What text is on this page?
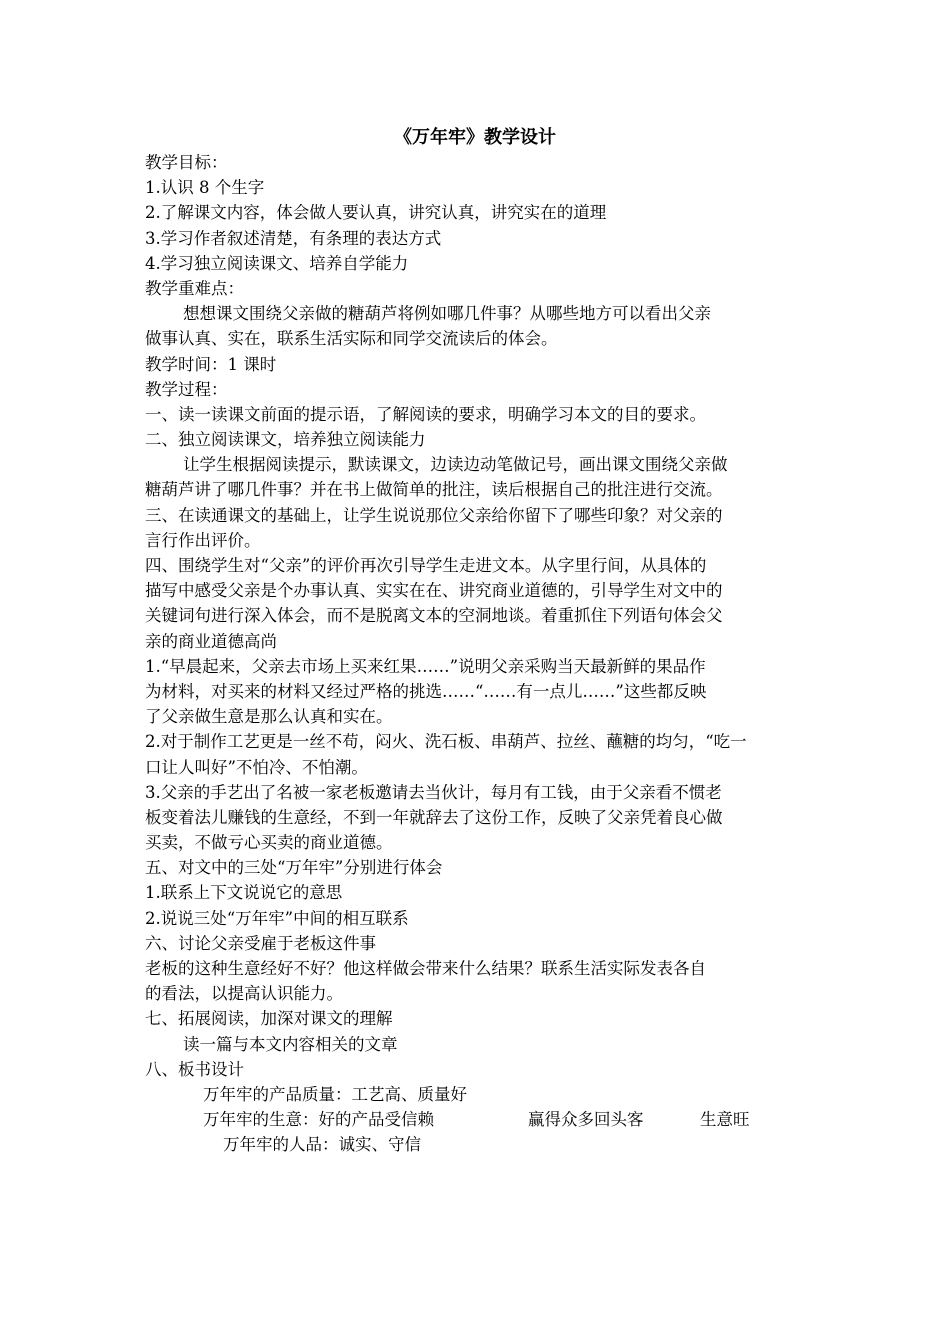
《万年牢》教学设计
教学目标：
1.认识 8 个生字
2.了解课文内容，体会做人要认真，讲究认真，讲究实在的道理
3.学习作者叙述清楚，有条理的表达方式
4.学习独立阅读课文、培养自学能力
教学重难点：
想想课文围绕父亲做的糖葫芦将例如哪几件事？从哪些地方可以看出父亲
做事认真、实在，联系生活实际和同学交流读后的体会。
教学时间：1 课时
教学过程：
一、读一读课文前面的提示语，了解阅读的要求，明确学习本文的目的要求。
二、独立阅读课文，培养独立阅读能力
让学生根据阅读提示，默读课文，边读边动笔做记号，画出课文围绕父亲做
糖葫芦讲了哪几件事？并在书上做简单的批注，读后根据自己的批注进行交流。
三、在读通课文的基础上，让学生说说那位父亲给你留下了哪些印象？对父亲的
言行作出评价。
四、围绕学生对“父亲”的评价再次引导学生走进文本。从字里行间，从具体的
描写中感受父亲是个办事认真、实实在在、讲究商业道德的，引导学生对文中的
关键词句进行深入体会，而不是脱离文本的空洞地谈。着重抓住下列语句体会父
亲的商业道德高尚
1.“早晨起来，父亲去市场上买来红果……”说明父亲采购当天最新鲜的果品作
为材料，对买来的材料又经过严格的挑选……“……有一点儿……”这些都反映
了父亲做生意是那么认真和实在。
2.对于制作工艺更是一丝不苟，闷火、洗石板、串葫芦、拉丝、蘸糖的均匀，“吃一
口让人叫好”不怕冷、不怕潮。
3.父亲的手艺出了名被一家老板邀请去当伙计，每月有工钱，由于父亲看不惯老
板变着法儿赚钱的生意经，不到一年就辞去了这份工作，反映了父亲凭着良心做
买卖，不做亏心买卖的商业道德。
五、对文中的三处“万年牢”分别进行体会
1.联系上下文说说它的意思
2.说说三处“万年牢”中间的相互联系
六、讨论父亲受雇于老板这件事
老板的这种生意经好不好？他这样做会带来什么结果？联系生活实际发表各自
的看法，以提高认识能力。
七、拓展阅读，加深对课文的理解
读一篇与本文内容相关的文章
八、板书设计
万年牢的产品质量：工艺高、质量好
万年牢的生意：好的产品受信赖	赢得众多回头客	生意旺
万年牢的人品：诚实、守信
